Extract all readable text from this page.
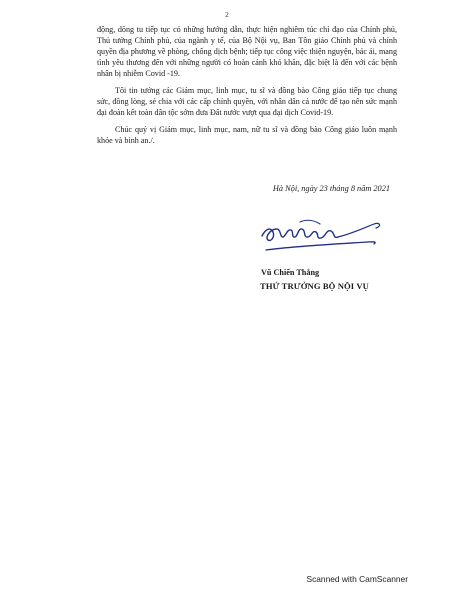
2

động, dõng tu tiếp tục có những hướng dẫn, thực hiện nghiêm túc chỉ đạo của Chính phủ, Thủ tướng Chính phủ, của ngành y tế, của Bộ Nội vụ, Ban Tôn giáo Chính phủ và chính quyền địa phương về phòng, chống dịch bệnh; tiếp tục công việc thiện nguyện, bác ái, mang tình yêu thương đến với những người có hoàn cảnh khó khăn, đặc biệt là đến với các bệnh nhân bị nhiễm Covid -19.

Tôi tin tưởng các Giám mục, linh mục, tu sĩ và đồng bào Công giáo tiếp tục chung sức, đồng lòng, sẻ chia với các cấp chính quyền, với nhân dân cả nước để tạo nên sức mạnh đại đoàn kết toàn dân tộc sớm đưa Đất nước vượt qua đại dịch Covid-19.

Chúc quý vị Giám mục, linh mục, nam, nữ tu sĩ và đồng bào Công giáo luôn mạnh khỏe và bình an./.

Hà Nội, ngày 23 tháng 8 năm 2021
Vũ Chiến Thắng
THỨ TRƯỞNG BỘ NỘI VỤ
Scanned with CamScanner
